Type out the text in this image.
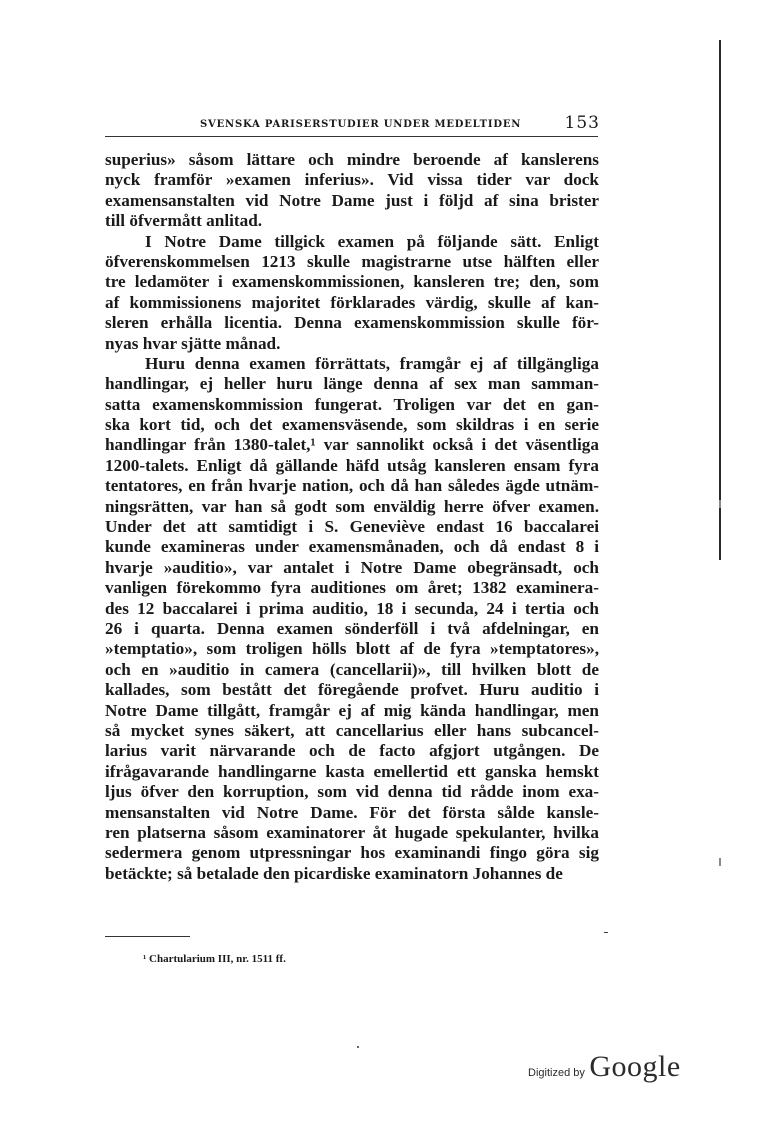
SVENSKA PARISERSTUDIER UNDER MEDELTIDEN	153
superius» såsom lättare och mindre beroende af kanslerens
nyck framför »examen inferius». Vid vissa tider var dock
examensanstalten vid Notre Dame just i följd af sina brister
till öfvermått anlitad.
I Notre Dame tillgick examen på följande sätt. Enligt
öfverenskommelsen 1213 skulle magistrarne utse hälften eller
tre ledamöter i examenskommissionen, kansleren tre; den, som
af kommissionens majoritet förklarades värdig, skulle af kan-
sleren erhålla licentia. Denna examenskommission skulle för-
nyas hvar sjätte månad.
Huru denna examen förrättats, framgår ej af tillgängliga
handlingar, ej heller huru länge denna af sex man samman-
satta examenskommission fungerat. Troligen var det en gan-
ska kort tid, och det examensväsende, som skildras i en serie
handlingar från 1380-talet,¹ var sannolikt också i det väsentliga
1200-talets. Enligt då gällande häfd utsåg kansleren ensam fyra
tentatores, en från hvarje nation, och då han således ägde utnäm-
ningsrätten, var han så godt som enväldig herre öfver examen.
Under det att samtidigt i S. Geneviève endast 16 baccalarei
kunde examineras under examensmånaden, och då endast 8 i
hvarje »auditio», var antalet i Notre Dame obegränsadt, och
vanligen förekommo fyra auditiones om året; 1382 examinera-
des 12 baccalarei i prima auditio, 18 i secunda, 24 i tertia och
26 i quarta. Denna examen sönderföll i två afdelningar, en
»temptatio», som troligen hölls blott af de fyra »temptatores»,
och en »auditio in camera (cancellarii)», till hvilken blott de
kallades, som bestått det föregående profvet. Huru auditio i
Notre Dame tillgått, framgår ej af mig kända handlingar, men
så mycket synes säkert, att cancellarius eller hans subcancel-
larius varit närvarande och de facto afgjort utgången. De
ifrågavarande handlingarne kasta emellertid ett ganska hemskt
ljus öfver den korruption, som vid denna tid rådde inom exa-
mensanstalten vid Notre Dame. För det första sålde kansle-
ren platserna såsom examinatorer åt hugade spekulanter, hvilka
sedermera genom utpressningar hos examinandi fingo göra sig
betäckte; så betalade den picardiske examinatorn Johannes de
¹ Chartularium III, nr. 1511 ff.
Digitized by Google
